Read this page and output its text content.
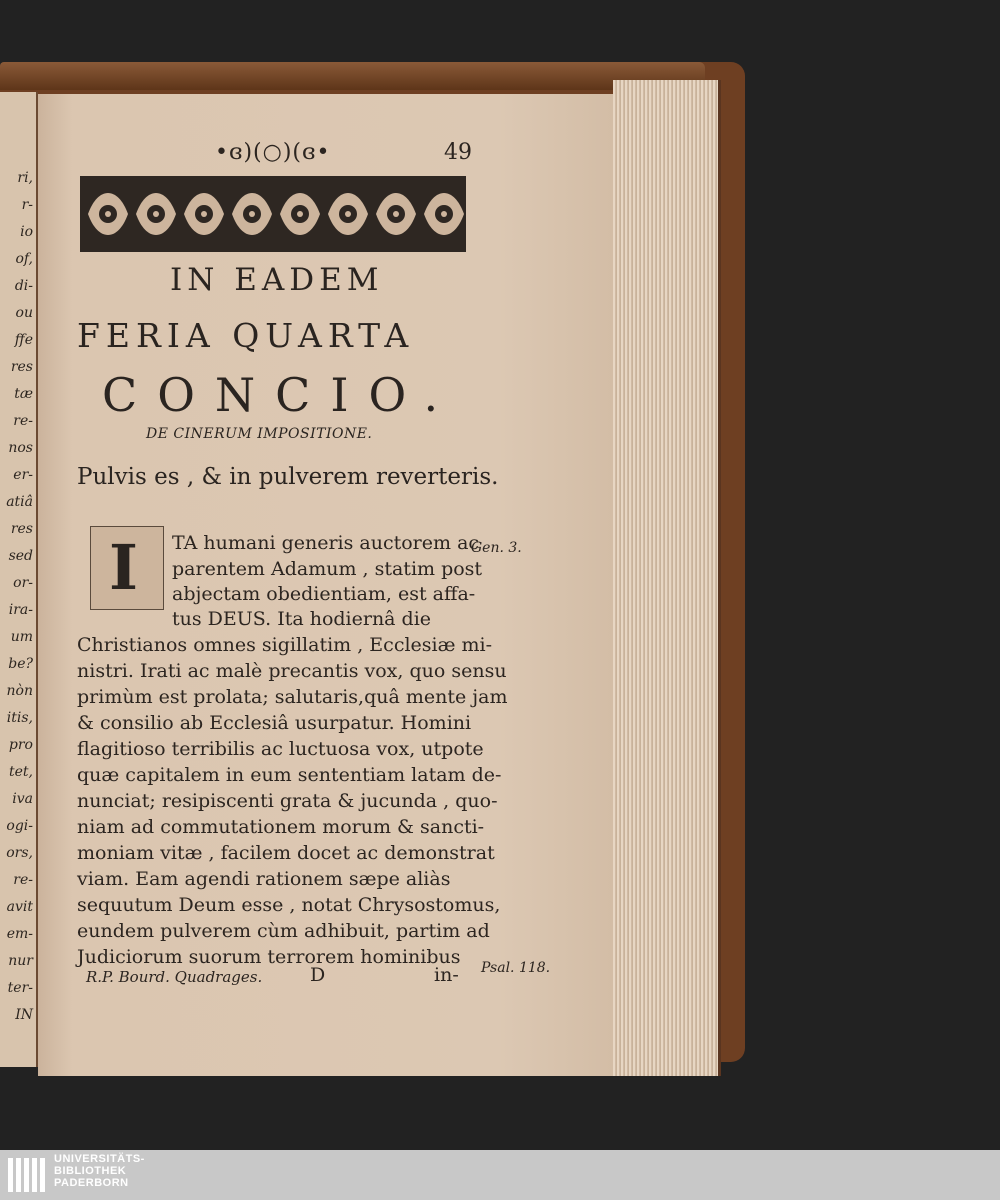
ri,
r-
io
of,
di-
ou
ffe
res
tæ
re-
nos
er-
atiâ
res
sed
or-
ira-
um
be?
nòn
itis,
pro
tet,
iva
ogi-
ors,
re-
avit
em-
nur
ter-
IN
•ɞ)(○)(ɞ•	49
IN EADEM
FERIA QUARTA
CONCIO.
DE CINERUM IMPOSITIONE.
Pulvis es , & in pulverem reverteris.
I TA humani generis auctorem ac
parentem Adamum , statim post
abjectam obedientiam, est affa-
tus DEUS. Ita hodiernâ die
Christianos omnes sigillatim , Ecclesiæ mi-
nistri. Irati ac malè precantis vox, quo sensu
primùm est prolata; salutaris,quâ mente jam
& consilio ab Ecclesiâ usurpatur. Homini
flagitioso terribilis ac luctuosa vox, utpote
quæ capitalem in eum sententiam latam de-
nunciat; resipiscenti grata & jucunda , quo-
niam ad commutationem morum & sancti-
moniam vitæ , facilem docet ac demonstrat
viam. Eam agendi rationem sæpe aliàs
sequutum Deum esse , notat Chrysostomus,
eundem pulverem cùm adhibuit, partim ad
Judiciorum suorum terrorem hominibus
Gen. 3.
Psal. 118.
R.P. Bourd. Quadrages.	D	in-
UNIVERSITÄTS-
BIBLIOTHEK
PADERBORN
